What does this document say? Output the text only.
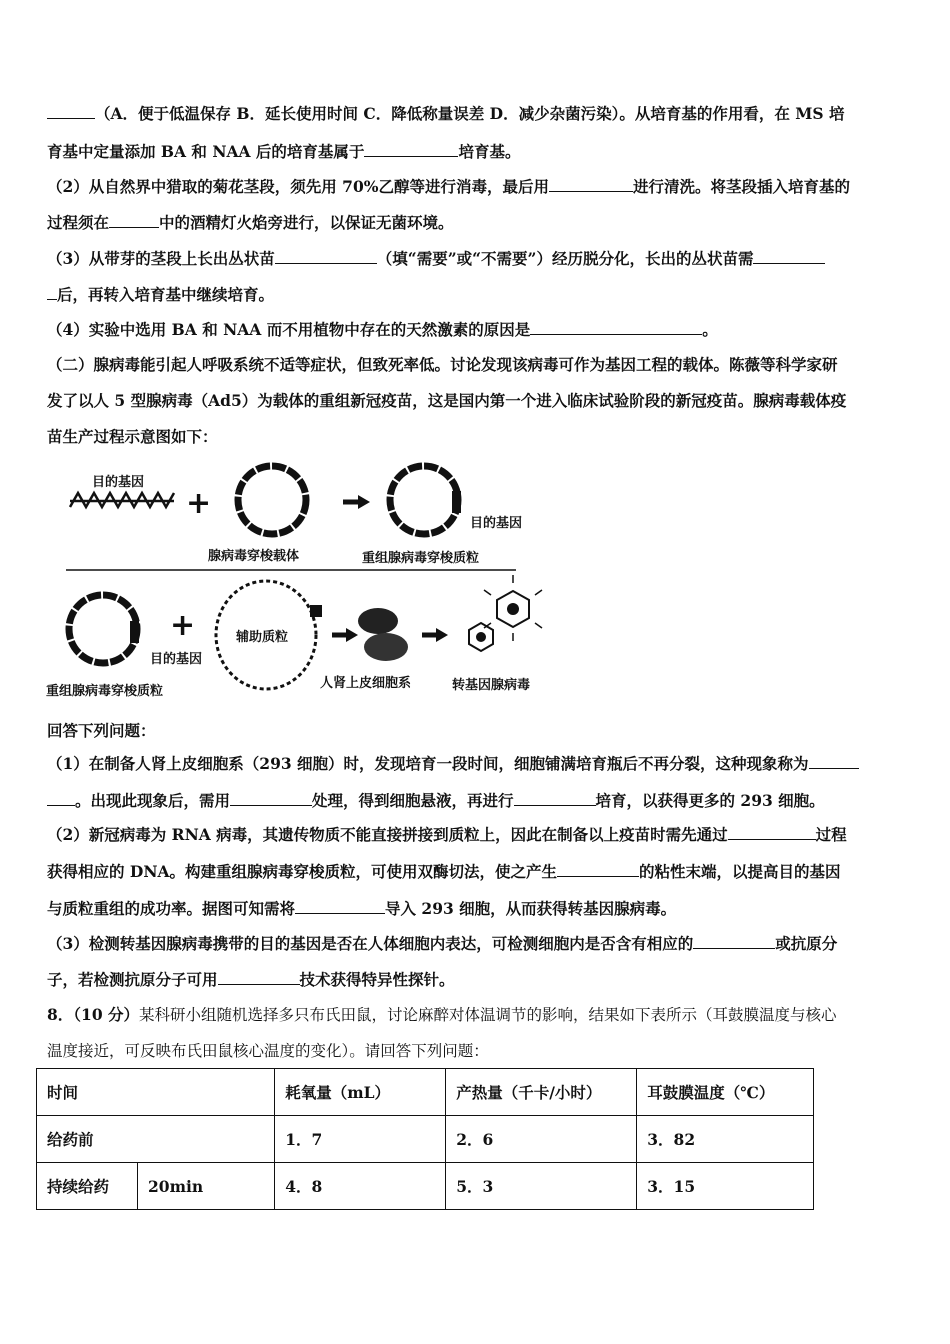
（A．便于低温保存 B．延长使用时间 C．降低称量误差 D．减少杂菌污染）。从培育基的作用看，在 MS 培
育基中定量添加 BA 和 NAA 后的培育基属于	培育基。
（2）从自然界中猎取的菊花茎段，须先用 70%乙醇等进行消毒，最后用	进行清洗。将茎段插入培育基的
过程须在	中的酒精灯火焰旁进行，以保证无菌环境。
（3）从带芽的茎段上长出丛状苗	（填“需要”或“不需要”）经历脱分化，长出的丛状苗需
后，再转入培育基中继续培育。
（4）实验中选用 BA 和 NAA 而不用植物中存在的天然激素的原因是	。
（二）腺病毒能引起人呼吸系统不适等症状，但致死率低。讨论发现该病毒可作为基因工程的载体。陈薇等科学家研
发了以人 5 型腺病毒（Ad5）为载体的重组新冠疫苗，这是国内第一个进入临床试验阶段的新冠疫苗。腺病毒载体疫
苗生产过程示意图如下：
目的基因
+
腺病毒穿梭载体
目的基因
重组腺病毒穿梭质粒
目的基因
重组腺病毒穿梭质粒
+	辅助质粒
人肾上皮细胞系	转基因腺病毒
回答下列问题：
（1）在制备人肾上皮细胞系（293 细胞）时，发现培育一段时间，细胞铺满培育瓶后不再分裂，这种现象称为
。出现此现象后，需用	处理，得到细胞悬液，再进行	培育，以获得更多的 293 细胞。
（2）新冠病毒为 RNA 病毒，其遗传物质不能直接拼接到质粒上，因此在制备以上疫苗时需先通过	过程
获得相应的 DNA。构建重组腺病毒穿梭质粒，可使用双酶切法，使之产生	的粘性末端，以提高目的基因
与质粒重组的成功率。据图可知需将	导入 293 细胞，从而获得转基因腺病毒。
（3）检测转基因腺病毒携带的目的基因是否在人体细胞内表达，可检测细胞内是否含有相应的	或抗原分
子，若检测抗原分子可用	技术获得特异性探针。
8．（10 分）某科研小组随机选择多只布氏田鼠，讨论麻醉对体温调节的影响，结果如下表所示（耳鼓膜温度与核心
温度接近，可反映布氏田鼠核心温度的变化）。请回答下列问题：
时间		耗氧量（mL）	产热量（千卡/小时）	耳鼓膜温度（℃）
给药前		1．7	2．6	3．82
持续给药	20min	4．8	5．3	3．15
